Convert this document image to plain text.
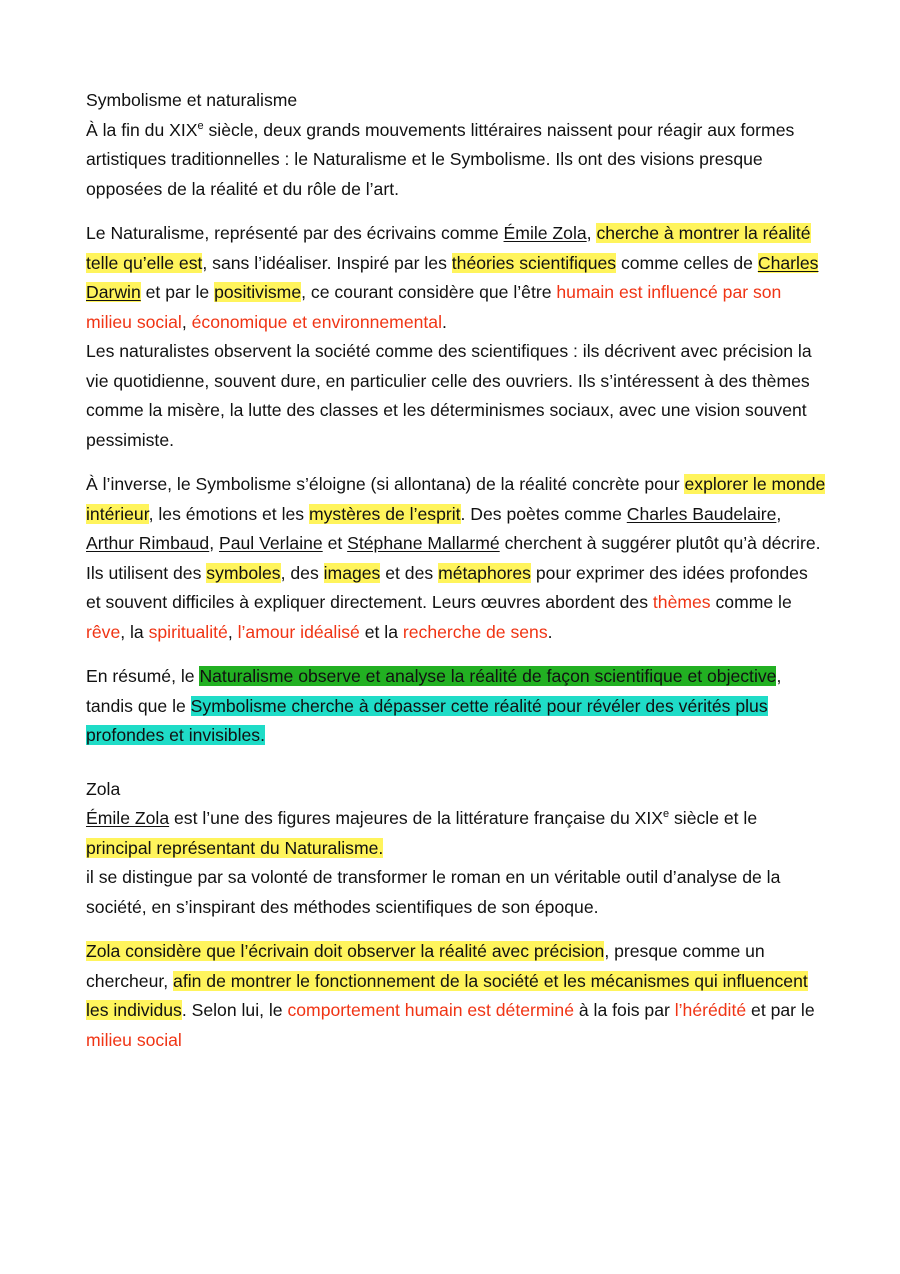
Symbolisme et naturalisme

À la fin du XIXe siècle, deux grands mouvements littéraires naissent pour réagir aux formes artistiques traditionnelles : le Naturalisme et le Symbolisme. Ils ont des visions presque opposées de la réalité et du rôle de l’art.

Le Naturalisme, représenté par des écrivains comme Émile Zola, cherche à montrer la réalité telle qu’elle est, sans l’idéaliser. Inspiré par les théories scientifiques comme celles de Charles Darwin et par le positivisme, ce courant considère que l’être humain est influencé par son milieu social, économique et environnemental.

Les naturalistes observent la société comme des scientifiques : ils décrivent avec précision la vie quotidienne, souvent dure, en particulier celle des ouvriers. Ils s’intéressent à des thèmes comme la misère, la lutte des classes et les déterminismes sociaux, avec une vision souvent pessimiste.

À l’inverse, le Symbolisme s’éloigne (si allontana) de la réalité concrète pour explorer le monde intérieur, les émotions et les mystères de l’esprit. Des poètes comme Charles Baudelaire, Arthur Rimbaud, Paul Verlaine et Stéphane Mallarmé cherchent à suggérer plutôt qu’à décrire.

Ils utilisent des symboles, des images et des métaphores pour exprimer des idées profondes et souvent difficiles à expliquer directement. Leurs œuvres abordent des thèmes comme le rêve, la spiritualité, l’amour idéalisé et la recherche de sens.

En résumé, le Naturalisme observe et analyse la réalité de façon scientifique et objective, tandis que le Symbolisme cherche à dépasser cette réalité pour révéler des vérités plus profondes et invisibles.

Zola

Émile Zola est l’une des figures majeures de la littérature française du XIXe siècle et le principal représentant du Naturalisme.

il se distingue par sa volonté de transformer le roman en un véritable outil d’analyse de la société, en s’inspirant des méthodes scientifiques de son époque.

Zola considère que l’écrivain doit observer la réalité avec précision, presque comme un chercheur, afin de montrer le fonctionnement de la société et les mécanismes qui influencent les individus. Selon lui, le comportement humain est déterminé à la fois par l’hérédité et par le milieu social
